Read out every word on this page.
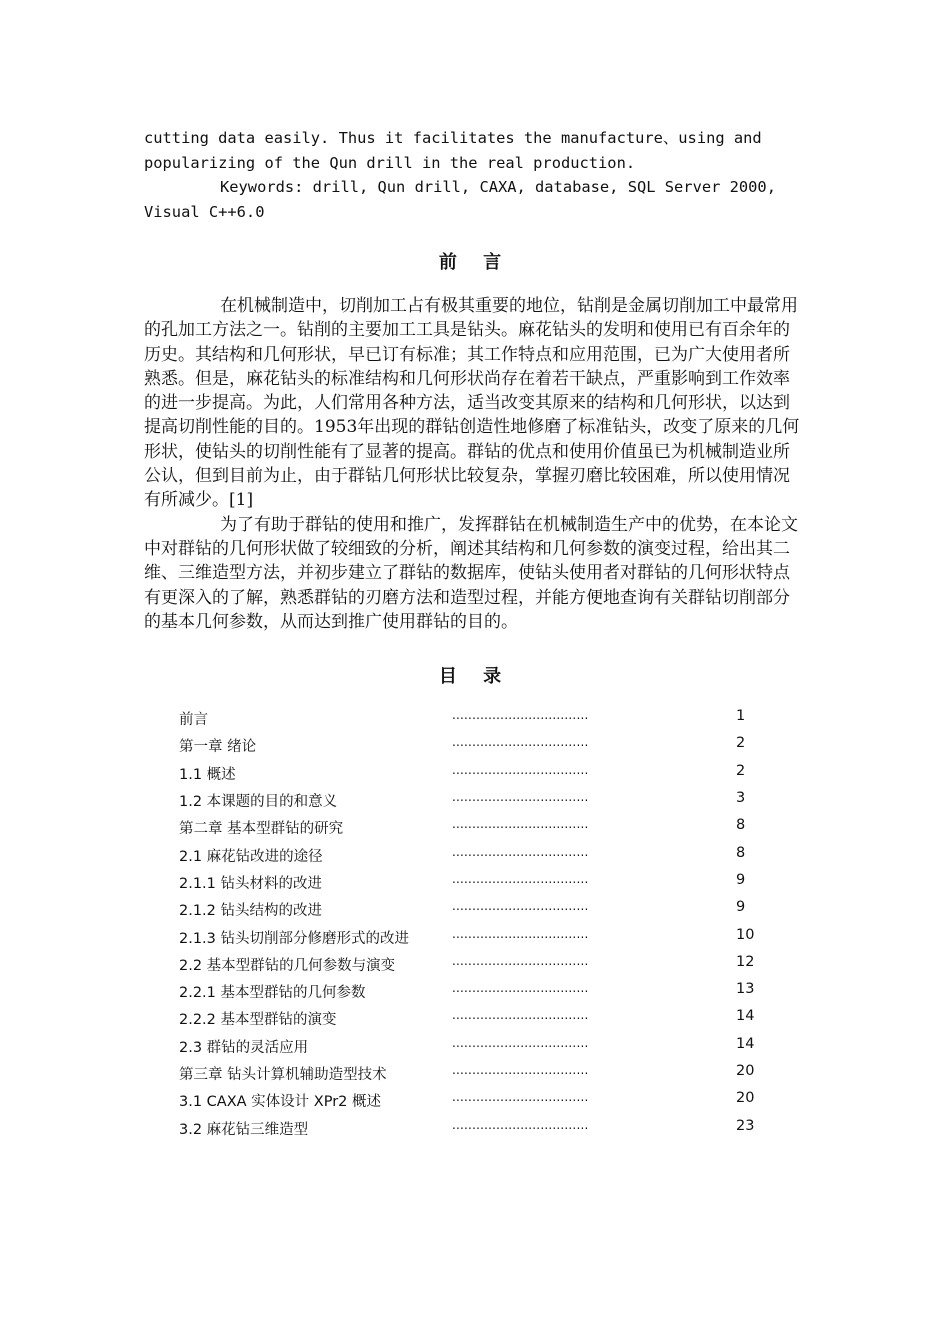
cutting data easily. Thus it facilitates the manufacture、using and popularizing of the Qun drill in the real production.

Keywords: drill, Qun drill, CAXA, database, SQL Server 2000, Visual C++6.0

前 言

在机械制造中，切削加工占有极其重要的地位，钻削是金属切削加工中最常用的孔加工方法之一。钻削的主要加工工具是钻头。麻花钻头的发明和使用已有百余年的历史。其结构和几何形状，早已订有标准；其工作特点和应用范围，已为广大使用者所熟悉。但是，麻花钻头的标准结构和几何形状尚存在着若干缺点，严重影响到工作效率的进一步提高。为此，人们常用各种方法，适当改变其原来的结构和几何形状，以达到提高切削性能的目的。1953年出现的群钻创造性地修磨了标准钻头，改变了原来的几何形状，使钻头的切削性能有了显著的提高。群钻的优点和使用价值虽已为机械制造业所公认，但到目前为止，由于群钻几何形状比较复杂，掌握刃磨比较困难，所以使用情况有所减少。[1]

为了有助于群钻的使用和推广，发挥群钻在机械制造生产中的优势，在本论文中对群钻的几何形状做了较细致的分析，阐述其结构和几何参数的演变过程，给出其二维、三维造型方法，并初步建立了群钻的数据库，使钻头使用者对群钻的几何形状特点有更深入的了解，熟悉群钻的刃磨方法和造型过程，并能方便地查询有关群钻切削部分的基本几何参数，从而达到推广使用群钻的目的。

目 录
前言	..................................	1
第一章 绪论	..................................	2
1.1 概述	..................................	2
1.2 本课题的目的和意义	..................................	3
第二章 基本型群钻的研究	..................................	8
2.1 麻花钻改进的途径	..................................	8
2.1.1 钻头材料的改进	..................................	9
2.1.2 钻头结构的改进	..................................	9
2.1.3 钻头切削部分修磨形式的改进	..................................	10
2.2 基本型群钻的几何参数与演变	..................................	12
2.2.1 基本型群钻的几何参数	..................................	13
2.2.2 基本型群钻的演变	..................................	14
2.3 群钻的灵活应用	..................................	14
第三章 钻头计算机辅助造型技术	..................................	20
3.1 CAXA 实体设计 XPr2 概述	..................................	20
3.2 麻花钻三维造型	..................................	23
